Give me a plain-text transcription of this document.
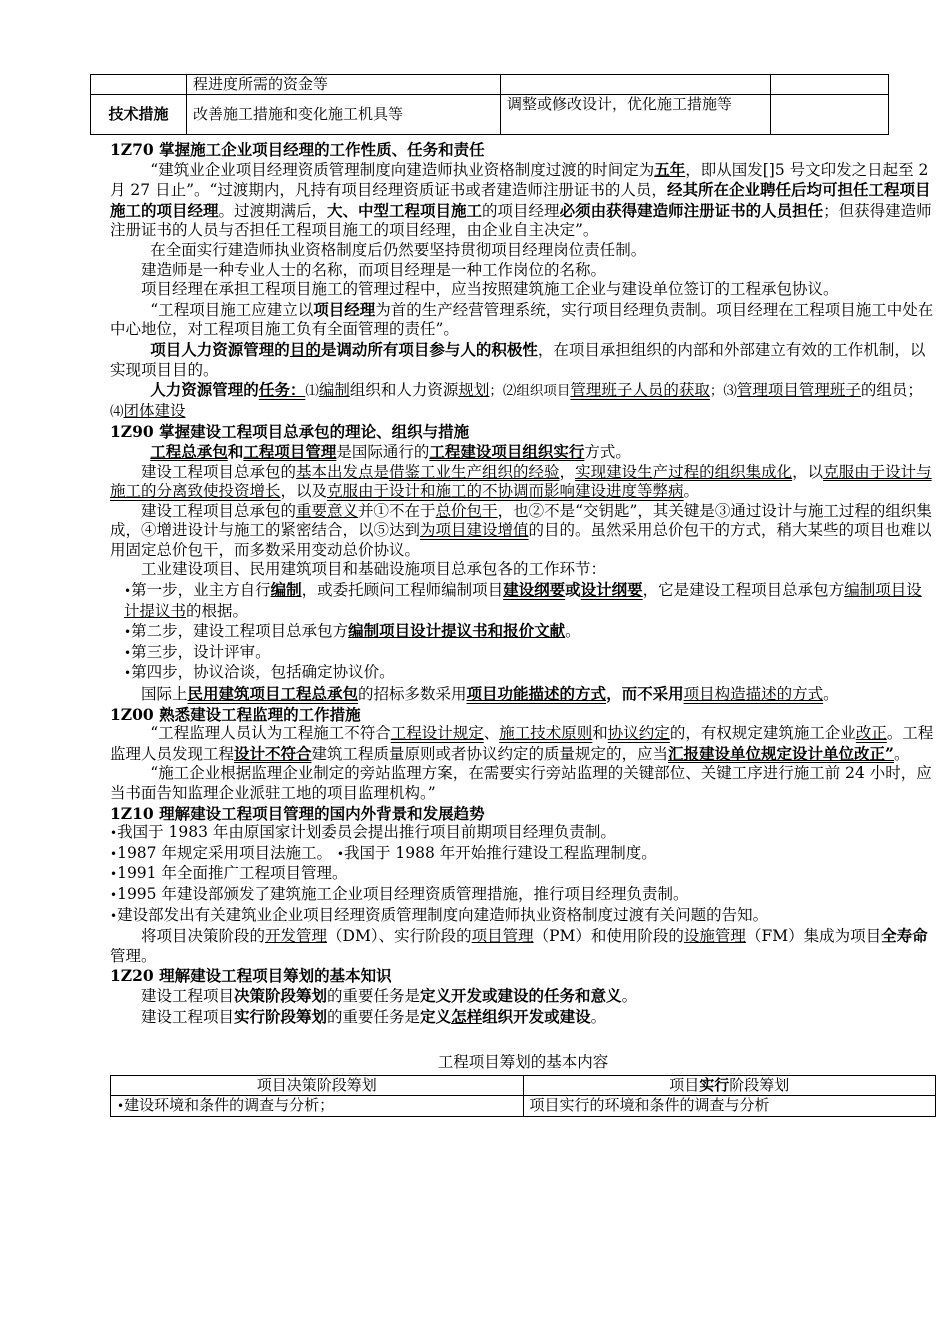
	程进度所需的资金等		
技术措施	改善施工措施和变化施工机具等	调整或修改设计，优化施工措施等	

1Z70 掌握施工企业项目经理的工作性质、任务和责任

“建筑业企业项目经理资质管理制度向建造师执业资格制度过渡的时间定为五年，即从国发[]5 号文印发之日起至 2 月 27 日止”。“过渡期内，凡持有项目经理资质证书或者建造师注册证书的人员，经其所在企业聘任后均可担任工程项目施工的项目经理。过渡期满后，大、中型工程项目施工的项目经理必须由获得建造师注册证书的人员担任；但获得建造师注册证书的人员与否担任工程项目施工的项目经理，由企业自主决定”。

在全面实行建造师执业资格制度后仍然要坚持贯彻项目经理岗位责任制。

建造师是一种专业人士的名称，而项目经理是一种工作岗位的名称。

项目经理在承担工程项目施工的管理过程中，应当按照建筑施工企业与建设单位签订的工程承包协议。

“工程项目施工应建立以项目经理为首的生产经营管理系统，实行项目经理负责制。项目经理在工程项目施工中处在中心地位，对工程项目施工负有全面管理的责任”。

项目人力资源管理的目的是调动所有项目参与人的积极性，在项目承担组织的内部和外部建立有效的工作机制，以实现项目目的。

人力资源管理的任务：⑴编制组织和人力资源规划；⑵组织项目管理班子人员的获取；⑶管理项目管理班子的组员；⑷团体建设

1Z90 掌握建设工程项目总承包的理论、组织与措施

工程总承包和工程项目管理是国际通行的工程建设项目组织实行方式。

建设工程项目总承包的基本出发点是借鉴工业生产组织的经验，实现建设生产过程的组织集成化，以克服由于设计与施工的分离致使投资增长，以及克服由于设计和施工的不协调而影响建设进度等弊病。

建设工程项目总承包的重要意义并①不在于总价包干，也②不是“交钥匙”，其关键是③通过设计与施工过程的组织集成，④增进设计与施工的紧密结合，以⑤达到为项目建设增值的目的。虽然采用总价包干的方式，稍大某些的项目也难以用固定总价包干，而多数采用变动总价协议。

工业建设项目、民用建筑项目和基础设施项目总承包各的工作环节：

•第一步，业主方自行编制，或委托顾问工程师编制项目建设纲要或设计纲要，它是建设工程项目总承包方编制项目设计提议书的根据。

•第二步，建设工程项目总承包方编制项目设计提议书和报价文献。

•第三步，设计评审。

•第四步，协议洽谈，包括确定协议价。

国际上民用建筑项目工程总承包的招标多数采用项目功能描述的方式，而不采用项目构造描述的方式。

1Z00 熟悉建设工程监理的工作措施

“工程监理人员认为工程施工不符合工程设计规定、施工技术原则和协议约定的，有权规定建筑施工企业改正。工程监理人员发现工程设计不符合建筑工程质量原则或者协议约定的质量规定的，应当汇报建设单位规定设计单位改正”。

“施工企业根据监理企业制定的旁站监理方案，在需要实行旁站监理的关键部位、关键工序进行施工前 24 小时，应当书面告知监理企业派驻工地的项目监理机构。”

1Z10 理解建设工程项目管理的国内外背景和发展趋势

•我国于 1983 年由原国家计划委员会提出推行项目前期项目经理负责制。

•1987 年规定采用项目法施工。 •我国于 1988 年开始推行建设工程监理制度。

•1991 年全面推广工程项目管理。

•1995 年建设部颁发了建筑施工企业项目经理资质管理措施，推行项目经理负责制。

•建设部发出有关建筑业企业项目经理资质管理制度向建造师执业资格制度过渡有关问题的告知。

将项目决策阶段的开发管理（DM）、实行阶段的项目管理（PM）和使用阶段的设施管理（FM）集成为项目全寿命管理。

1Z20 理解建设工程项目筹划的基本知识

建设工程项目决策阶段筹划的重要任务是定义开发或建设的任务和意义。

建设工程项目实行阶段筹划的重要任务是定义怎样组织开发或建设。

工程项目筹划的基本内容

项目决策阶段筹划	项目实行阶段筹划
•建设环境和条件的调查与分析；	项目实行的环境和条件的调查与分析
